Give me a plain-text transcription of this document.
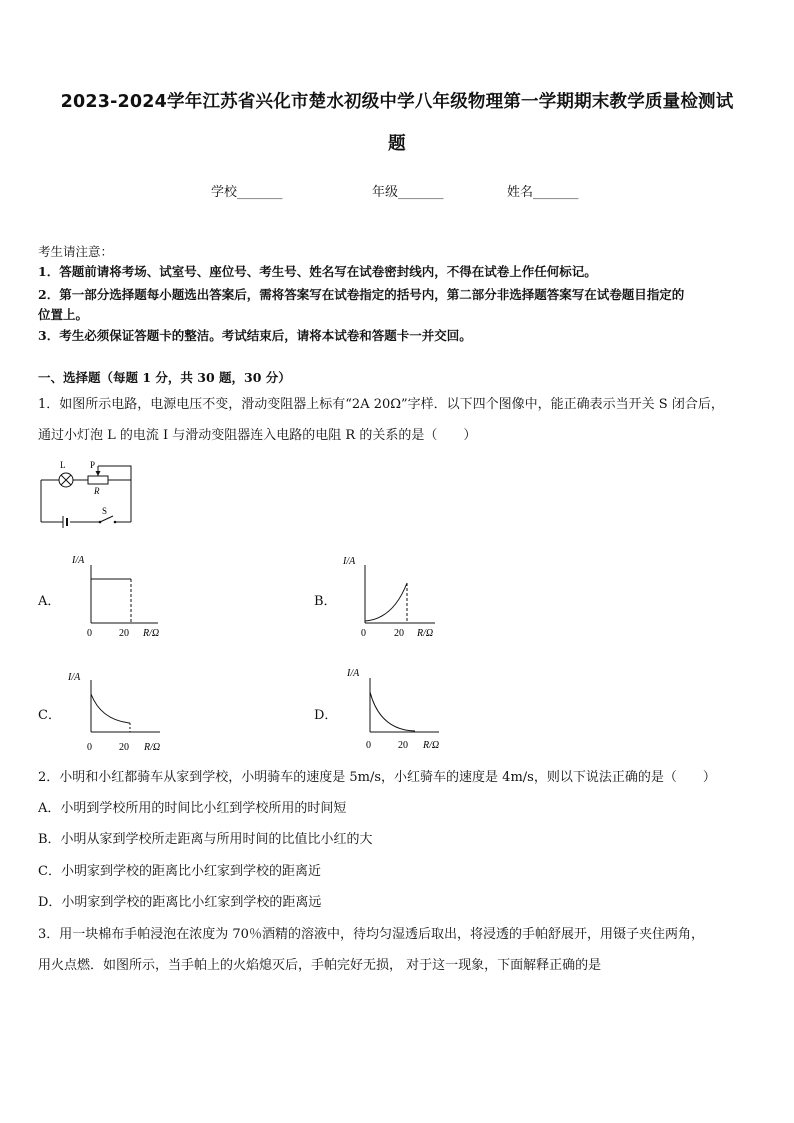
2023-2024学年江苏省兴化市楚水初级中学八年级物理第一学期期末教学质量检测试
题
学校_______	年级_______	姓名_______
考生请注意：
1．答题前请将考场、试室号、座位号、考生号、姓名写在试卷密封线内，不得在试卷上作任何标记。
2．第一部分选择题每小题选出答案后，需将答案写在试卷指定的括号内，第二部分非选择题答案写在试卷题目指定的
位置上。
3．考生必须保证答题卡的整洁。考试结束后，请将本试卷和答题卡一并交回。
一、选择题（每题 1 分，共 30 题，30 分）
1．如图所示电路，电源电压不变，滑动变阻器上标有“2A 20Ω”字样．以下四个图像中，能正确表示当开关 S 闭合后，
通过小灯泡 L 的电流 I 与滑动变阻器连入电路的电阻 R 的关系的是（　　）
L	P
R
S
A．
I/A
0	20 R/Ω
B．
I/A
0	20 R/Ω
C．
I/A
0	20 R/Ω
D．
I/A
0	20 R/Ω
2．小明和小红都骑车从家到学校，小明骑车的速度是 5m/s，小红骑车的速度是 4m/s，则以下说法正确的是（　　）
A．小明到学校所用的时间比小红到学校所用的时间短
B．小明从家到学校所走距离与所用时间的比值比小红的大
C．小明家到学校的距离比小红家到学校的距离近
D．小明家到学校的距离比小红家到学校的距离远
3．用一块棉布手帕浸泡在浓度为 70％酒精的溶液中，待均匀湿透后取出，将浸透的手帕舒展开，用镊子夹住两角，
用火点燃．如图所示，当手帕上的火焰熄灭后，手帕完好无损， 对于这一现象，下面解释正确的是
